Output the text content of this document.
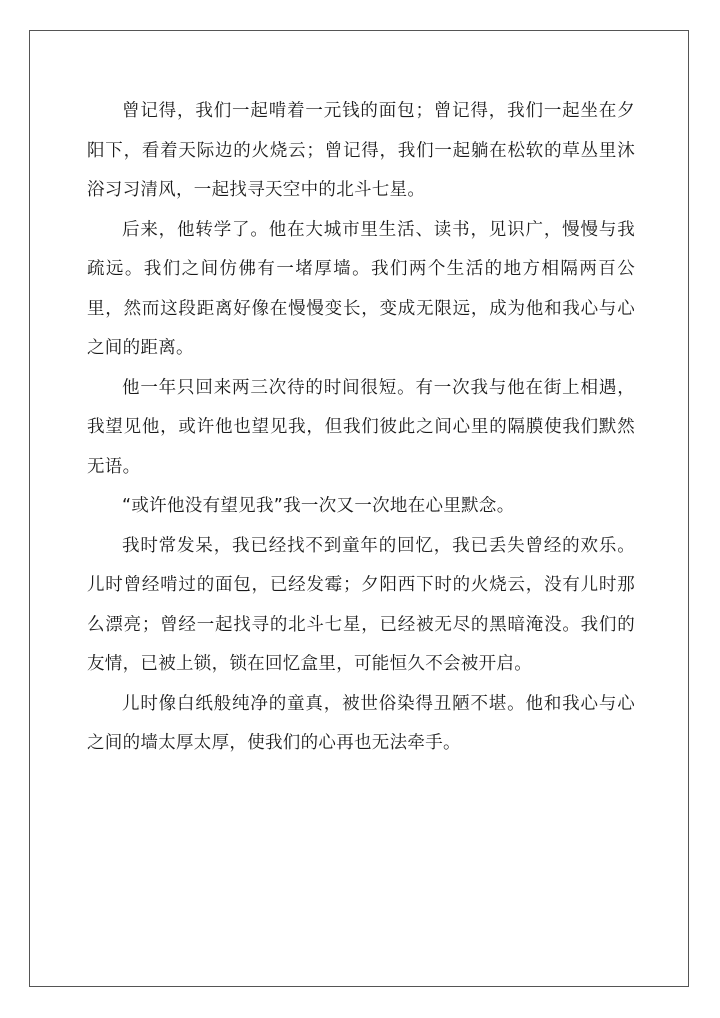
曾记得，我们一起啃着一元钱的面包；曾记得，我们一起坐在夕阳下，看着天际边的火烧云；曾记得，我们一起躺在松软的草丛里沐浴习习清风，一起找寻天空中的北斗七星。

后来，他转学了。他在大城市里生活、读书，见识广，慢慢与我疏远。我们之间仿佛有一堵厚墙。我们两个生活的地方相隔两百公里，然而这段距离好像在慢慢变长，变成无限远，成为他和我心与心之间的距离。

他一年只回来两三次待的时间很短。有一次我与他在街上相遇，我望见他，或许他也望见我，但我们彼此之间心里的隔膜使我们默然无语。

“或许他没有望见我”我一次又一次地在心里默念。

我时常发呆，我已经找不到童年的回忆，我已丢失曾经的欢乐。儿时曾经啃过的面包，已经发霉；夕阳西下时的火烧云，没有儿时那么漂亮；曾经一起找寻的北斗七星，已经被无尽的黑暗淹没。我们的友情，已被上锁，锁在回忆盒里，可能恒久不会被开启。

儿时像白纸般纯净的童真，被世俗染得丑陋不堪。他和我心与心之间的墙太厚太厚，使我们的心再也无法牵手。
